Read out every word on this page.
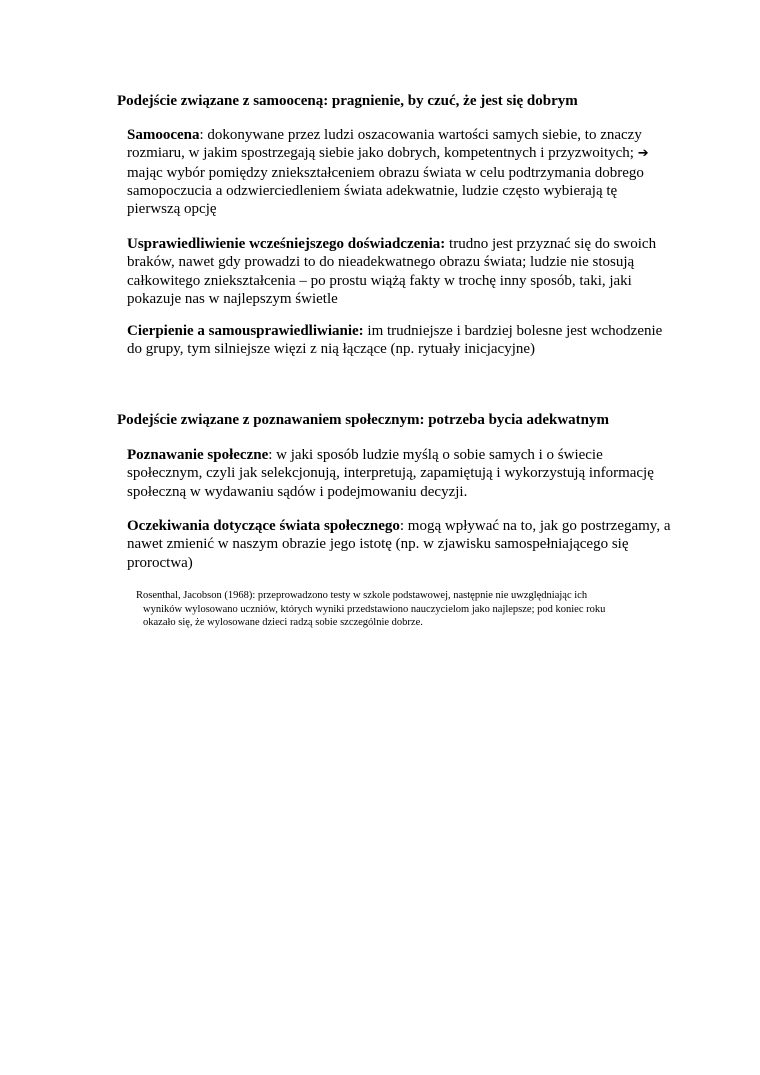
Podejście związane z samooceną: pragnienie, by czuć, że jest się dobrym

Samoocena: dokonywane przez ludzi oszacowania wartości samych siebie, to znaczy rozmiaru, w jakim spostrzegają siebie jako dobrych, kompetentnych i przyzwoitych; ➔ mając wybór pomiędzy zniekształceniem obrazu świata w celu podtrzymania dobrego samopoczucia a odzwierciedleniem świata adekwatnie, ludzie często wybierają tę pierwszą opcję

Usprawiedliwienie wcześniejszego doświadczenia: trudno jest przyznać się do swoich braków, nawet gdy prowadzi to do nieadekwatnego obrazu świata; ludzie nie stosują całkowitego zniekształcenia – po prostu wiążą fakty w trochę inny sposób, taki, jaki pokazuje nas w najlepszym świetle

Cierpienie a samousprawiedliwianie: im trudniejsze i bardziej bolesne jest wchodzenie do grupy, tym silniejsze więzi z nią łączące (np. rytuały inicjacyjne)

Podejście związane z poznawaniem społecznym: potrzeba bycia adekwatnym

Poznawanie społeczne: w jaki sposób ludzie myślą o sobie samych i o świecie społecznym, czyli jak selekcjonują, interpretują, zapamiętują i wykorzystują informację społeczną w wydawaniu sądów i podejmowaniu decyzji.

Oczekiwania dotyczące świata społecznego: mogą wpływać na to, jak go postrzegamy, a nawet zmienić w naszym obrazie jego istotę (np. w zjawisku samospełniającego się proroctwa)

Rosenthal, Jacobson (1968): przeprowadzono testy w szkole podstawowej, następnie nie uwzględniając ich
wyników wylosowano uczniów, których wyniki przedstawiono nauczycielom jako najlepsze; pod koniec roku
okazało się, że wylosowane dzieci radzą sobie szczególnie dobrze.
